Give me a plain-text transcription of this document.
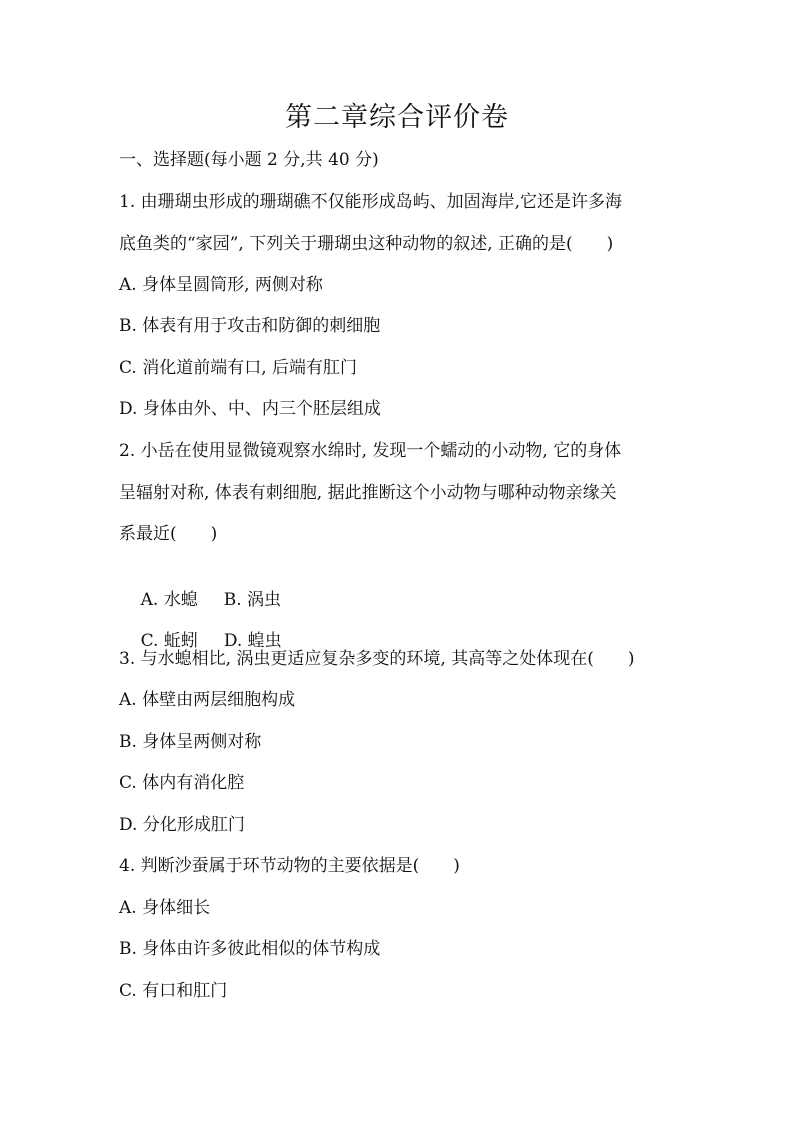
第二章综合评价卷
一、选择题(每小题 2 分,共 40 分)
1. 由珊瑚虫形成的珊瑚礁不仅能形成岛屿、加固海岸,它还是许多海
底鱼类的“家园”, 下列关于珊瑚虫这种动物的叙述, 正确的是(　　)
A. 身体呈圆筒形, 两侧对称
B. 体表有用于攻击和防御的刺细胞
C. 消化道前端有口, 后端有肛门
D. 身体由外、中、内三个胚层组成
2. 小岳在使用显微镜观察水绵时, 发现一个蠕动的小动物, 它的身体
呈辐射对称, 体表有刺细胞, 据此推断这个小动物与哪种动物亲缘关
系最近(　　)

A. 水螅 B. 涡虫

C. 蚯蚓 D. 蝗虫

3. 与水螅相比, 涡虫更适应复杂多变的环境, 其高等之处体现在(　　)
A. 体壁由两层细胞构成
B. 身体呈两侧对称
C. 体内有消化腔
D. 分化形成肛门
4. 判断沙蚕属于环节动物的主要依据是(　　)
A. 身体细长
B. 身体由许多彼此相似的体节构成
C. 有口和肛门
